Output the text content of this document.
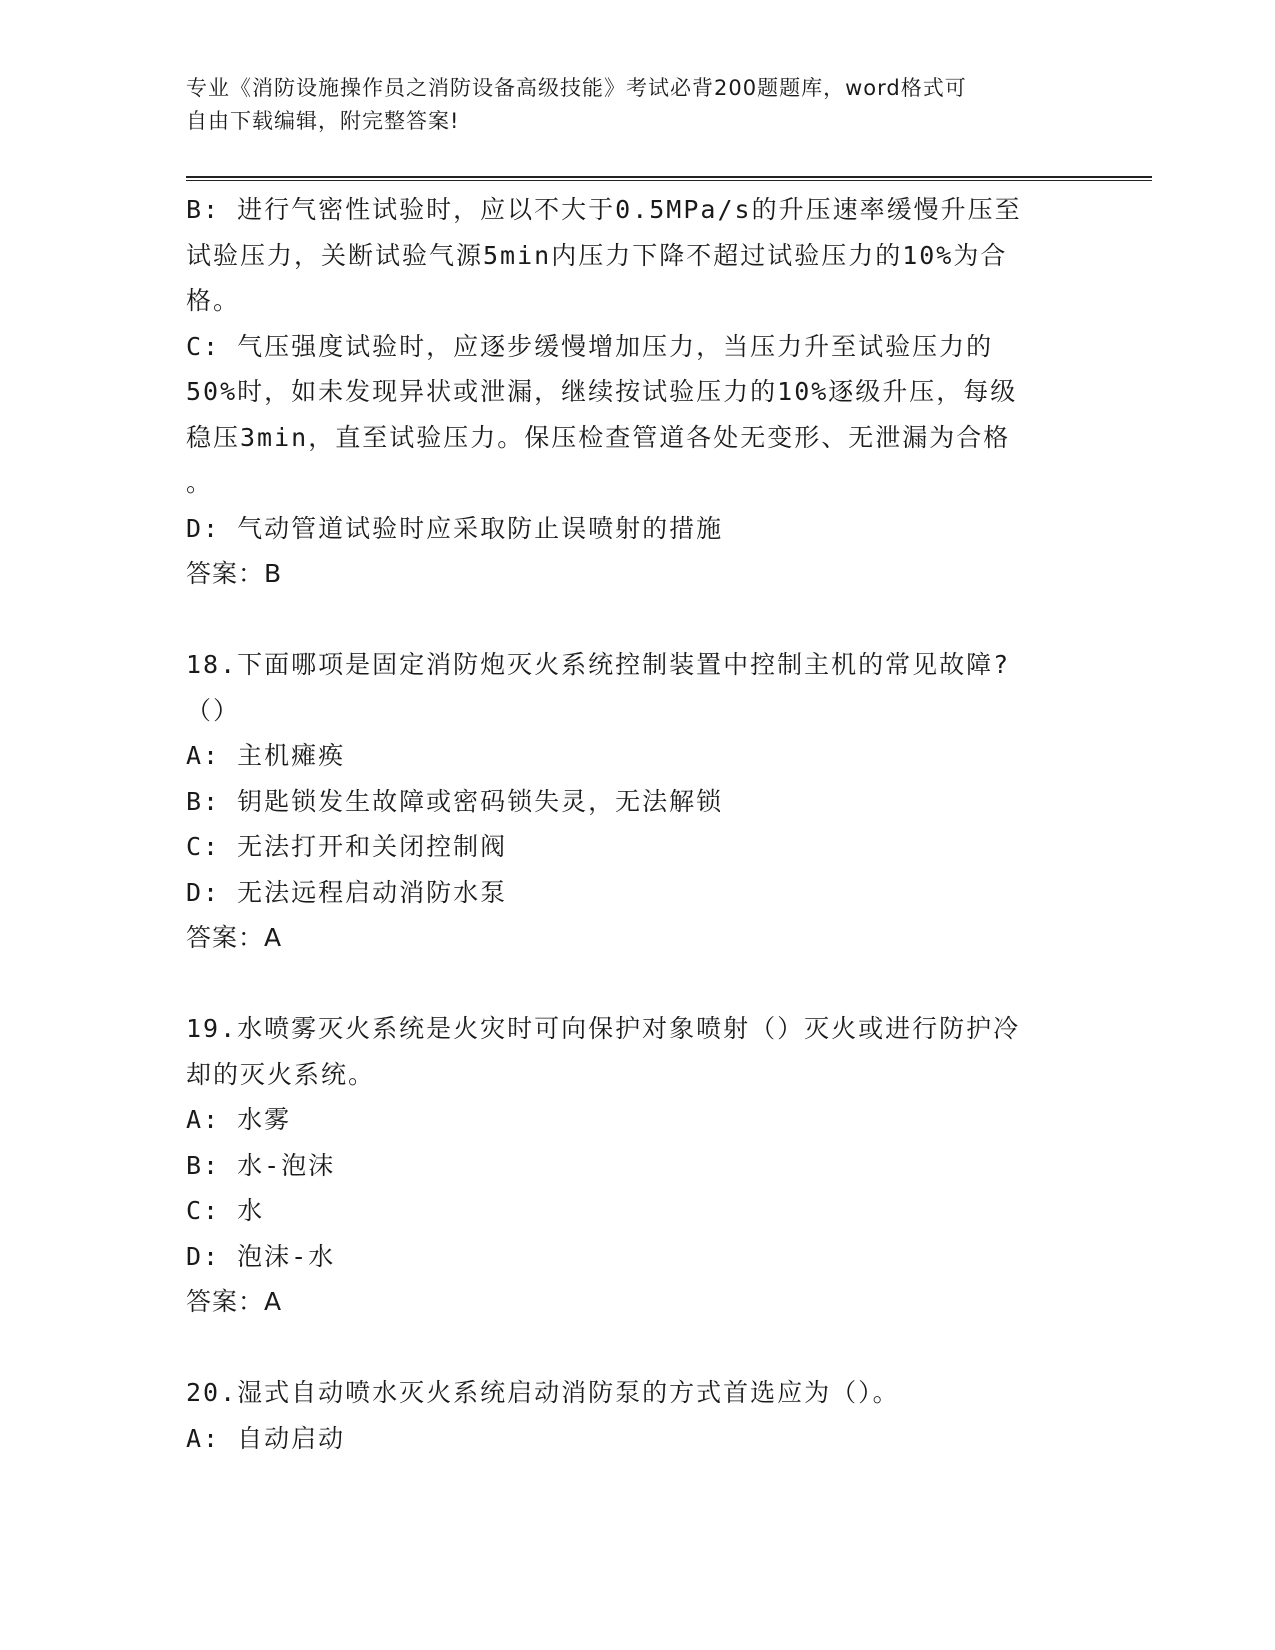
专业《消防设施操作员之消防设备高级技能》考试必背200题题库，word格式可
自由下载编辑，附完整答案!
B: 进行气密性试验时，应以不大于0.5MPa/s的升压速率缓慢升压至
试验压力，关断试验气源5min内压力下降不超过试验压力的10%为合
格。
C: 气压强度试验时，应逐步缓慢增加压力，当压力升至试验压力的
50%时，如未发现异状或泄漏，继续按试验压力的10%逐级升压，每级
稳压3min，直至试验压力。保压检查管道各处无变形、无泄漏为合格
。
D: 气动管道试验时应采取防止误喷射的措施
答案：B
18.下面哪项是固定消防炮灭火系统控制装置中控制主机的常见故障?
（）
A: 主机瘫痪
B: 钥匙锁发生故障或密码锁失灵，无法解锁
C: 无法打开和关闭控制阀
D: 无法远程启动消防水泵
答案：A
19.水喷雾灭火系统是火灾时可向保护对象喷射（）灭火或进行防护冷
却的灭火系统。
A: 水雾
B: 水-泡沫
C: 水
D: 泡沫-水
答案：A
20.湿式自动喷水灭火系统启动消防泵的方式首选应为（）。
A: 自动启动
